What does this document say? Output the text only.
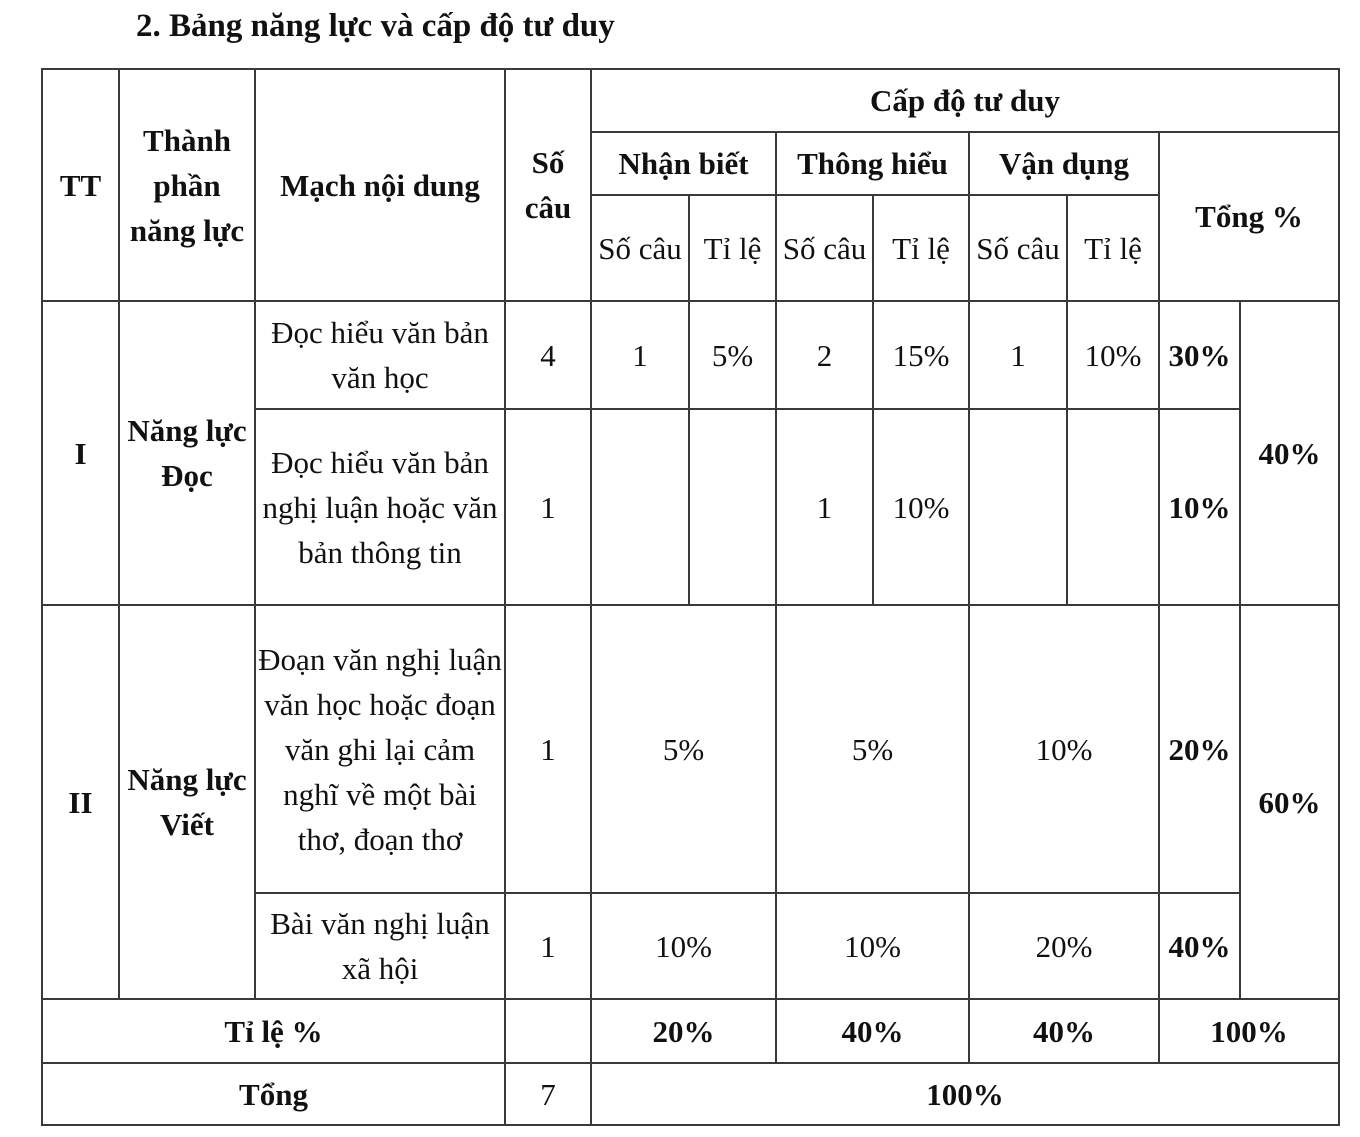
2. Bảng năng lực và cấp độ tư duy
TT	Thành phần năng lực	Mạch nội dung	Số câu	Cấp độ tư duy							
				Nhận biết		Thông hiểu		Vận dụng		Tổng %	
				Số câu	Tỉ lệ	Số câu	Tỉ lệ	Số câu	Tỉ lệ		
I	Năng lực Đọc	Đọc hiểu văn bản văn học	4	1	5%	2	15%	1	10%	30%	40%
		Đọc hiểu văn bản nghị luận hoặc văn bản thông tin	1			1	10%			10%	
II	Năng lực Viết	Đoạn văn nghị luận văn học hoặc đoạn văn ghi lại cảm nghĩ về một bài thơ, đoạn thơ	1	5%		5%		10%		20%	60%
		Bài văn nghị luận xã hội	1	10%		10%		20%		40%	
Tỉ lệ %				20%		40%		40%		100%	
Tổng			7	100%							
